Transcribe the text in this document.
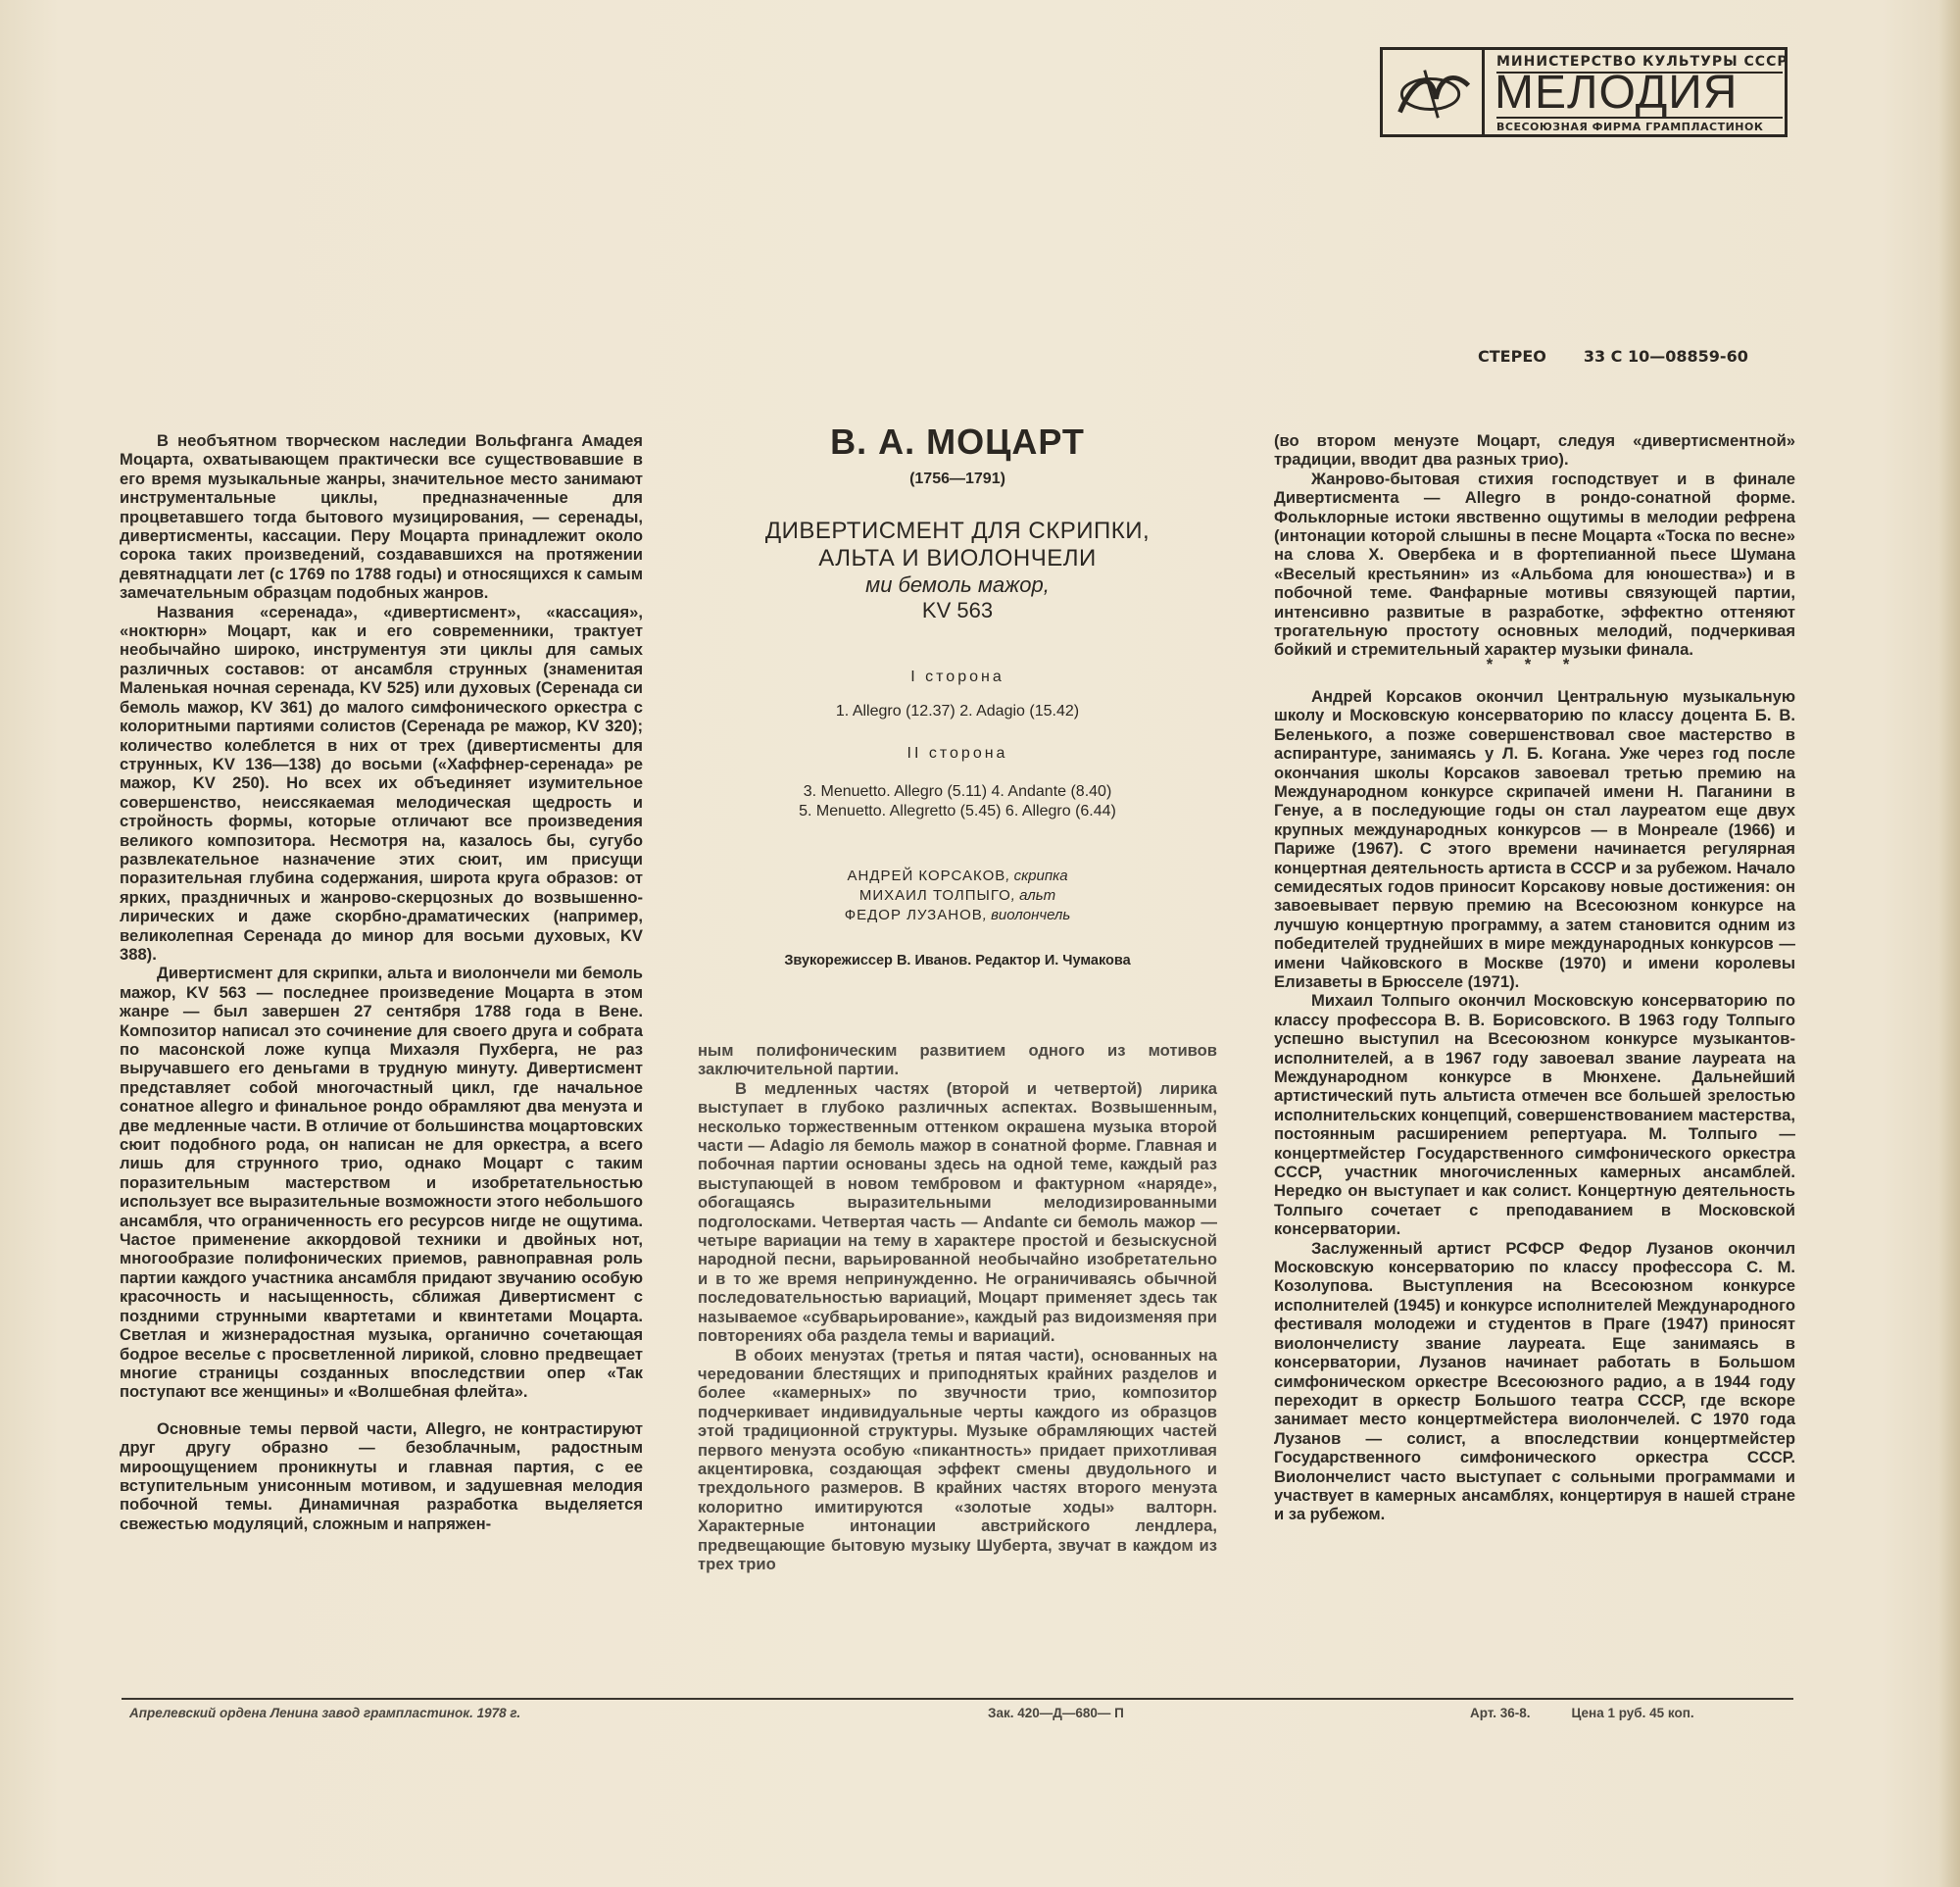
МИНИСТЕРСТВО КУЛЬТУРЫ СССР
МЕЛОДИЯ
ВСЕСОЮЗНАЯ ФИРМА ГРАМПЛАСТИНОК
СТЕРЕО 33 С 10—08859-60

В необъятном творческом наследии Вольфганга Амадея Моцарта, охватывающем практически все существовавшие в его время музыкальные жанры, значительное место занимают инструментальные циклы, предназначенные для процветавшего тогда бытового музицирования, — серенады, дивертисменты, кассации. Перу Моцарта принадлежит около сорока таких произведений, создававшихся на протяжении девятнадцати лет (с 1769 по 1788 годы) и относящихся к самым замечательным образцам подобных жанров.

Названия «серенада», «дивертисмент», «кассация», «ноктюрн» Моцарт, как и его современники, трактует необычайно широко, инструментуя эти циклы для самых различных составов: от ансамбля струнных (знаменитая Маленькая ночная серенада, KV 525) или духовых (Серенада си бемоль мажор, KV 361) до малого симфонического оркестра с колоритными партиями солистов (Серенада ре мажор, KV 320); количество колеблется в них от трех (дивертисменты для струнных, KV 136—138) до восьми («Хаффнер-серенада» ре мажор, KV 250). Но всех их объединяет изумительное совершенство, неиссякаемая мелодическая щедрость и стройность формы, которые отличают все произведения великого композитора. Несмотря на, казалось бы, сугубо развлекательное назначение этих сюит, им присущи поразительная глубина содержания, широта круга образов: от ярких, праздничных и жанрово-скерцозных до возвышенно-лирических и даже скорбно-драматических (например, великолепная Серенада до минор для восьми духовых, KV 388).

Дивертисмент для скрипки, альта и виолончели ми бемоль мажор, KV 563 — последнее произведение Моцарта в этом жанре — был завершен 27 сентября 1788 года в Вене. Композитор написал это сочинение для своего друга и собрата по масонской ложе купца Михаэля Пухберга, не раз выручавшего его деньгами в трудную минуту. Дивертисмент представляет собой многочастный цикл, где начальное сонатное allegro и финальное рондо обрамляют два менуэта и две медленные части. В отличие от большинства моцартовских сюит подобного рода, он написан не для оркестра, а всего лишь для струнного трио, однако Моцарт с таким поразительным мастерством и изобретательностью использует все выразительные возможности этого небольшого ансамбля, что ограниченность его ресурсов нигде не ощутима. Частое применение аккордовой техники и двойных нот, многообразие полифонических приемов, равноправная роль партии каждого участника ансамбля придают звучанию особую красочность и насыщенность, сближая Дивертисмент с поздними струнными квартетами и квинтетами Моцарта. Светлая и жизнерадостная музыка, органично сочетающая бодрое веселье с просветленной лирикой, словно предвещает многие страницы созданных впоследствии опер «Так поступают все женщины» и «Волшебная флейта».

Основные темы первой части, Allegro, не контрастируют друг другу образно — безоблачным, радостным мироощущением проникнуты и главная партия, с ее вступительным унисонным мотивом, и задушевная мелодия побочной темы. Динамичная разработка выделяется свежестью модуляций, сложным и напряжен-

В. А. МОЦАРТ

(1756—1791)

ДИВЕРТИСМЕНТ ДЛЯ СКРИПКИ,

АЛЬТА И ВИОЛОНЧЕЛИ

ми бемоль мажор,

KV 563

I сторона

1. Allegro (12.37) 2. Adagio (15.42)

II сторона

3. Menuetto. Allegro (5.11) 4. Andante (8.40)

5. Menuetto. Allegretto (5.45) 6. Allegro (6.44)

АНДРЕЙ КОРСАКОВ, скрипка
МИХАИЛ ТОЛПЫГО, альт
ФЕДОР ЛУЗАНОВ, виолончель
Звукорежиссер В. Иванов. Редактор И. Чумакова

ным полифоническим развитием одного из мотивов заключительной партии.

В медленных частях (второй и четвертой) лирика выступает в глубоко различных аспектах. Возвышенным, несколько торжественным оттенком окрашена музыка второй части — Adagio ля бемоль мажор в сонатной форме. Главная и побочная партии основаны здесь на одной теме, каждый раз выступающей в новом тембровом и фактурном «наряде», обогащаясь выразительными мелодизированными подголосками. Четвертая часть — Andante си бемоль мажор — четыре вариации на тему в характере простой и безыскусной народной песни, варьированной необычайно изобретательно и в то же время непринужденно. Не ограничиваясь обычной последовательностью вариаций, Моцарт применяет здесь так называемое «субварьирование», каждый раз видоизменяя при повторениях оба раздела темы и вариаций.

В обоих менуэтах (третья и пятая части), основанных на чередовании блестящих и приподнятых крайних разделов и более «камерных» по звучности трио, композитор подчеркивает индивидуальные черты каждого из образцов этой традиционной структуры. Музыке обрамляющих частей первого менуэта особую «пикантность» придает прихотливая акцентировка, создающая эффект смены двудольного и трехдольного размеров. В крайних частях второго менуэта колоритно имитируются «золотые ходы» валторн. Характерные интонации австрийского лендлера, предвещающие бытовую музыку Шуберта, звучат в каждом из трех трио

(во втором менуэте Моцарт, следуя «дивертисментной» традиции, вводит два разных трио).

Жанрово-бытовая стихия господствует и в финале Дивертисмента — Allegro в рондо-сонатной форме. Фольклорные истоки явственно ощутимы в мелодии рефрена (интонации которой слышны в песне Моцарта «Тоска по весне» на слова Х. Овербека и в фортепианной пьесе Шумана «Веселый крестьянин» из «Альбома для юношества») и в побочной теме. Фанфарные мотивы связующей партии, интенсивно развитые в разработке, эффектно оттеняют трогательную простоту основных мелодий, подчеркивая бойкий и стремительный характер музыки финала.

* * *

Андрей Корсаков окончил Центральную музыкальную школу и Московскую консерваторию по классу доцента Б. В. Беленького, а позже совершенствовал свое мастерство в аспирантуре, занимаясь у Л. Б. Когана. Уже через год после окончания школы Корсаков завоевал третью премию на Международном конкурсе скрипачей имени Н. Паганини в Генуе, а в последующие годы он стал лауреатом еще двух крупных международных конкурсов — в Монреале (1966) и Париже (1967). С этого времени начинается регулярная концертная деятельность артиста в СССР и за рубежом. Начало семидесятых годов приносит Корсакову новые достижения: он завоевывает первую премию на Всесоюзном конкурсе на лучшую концертную программу, а затем становится одним из победителей труднейших в мире международных конкурсов — имени Чайковского в Москве (1970) и имени королевы Елизаветы в Брюсселе (1971).

Михаил Толпыго окончил Московскую консерваторию по классу профессора В. В. Борисовского. В 1963 году Толпыго успешно выступил на Всесоюзном конкурсе музыкантов-исполнителей, а в 1967 году завоевал звание лауреата на Международном конкурсе в Мюнхене. Дальнейший артистический путь альтиста отмечен все большей зрелостью исполнительских концепций, совершенствованием мастерства, постоянным расширением репертуара. М. Толпыго — концертмейстер Государственного симфонического оркестра СССР, участник многочисленных камерных ансамблей. Нередко он выступает и как солист. Концертную деятельность Толпыго сочетает с преподаванием в Московской консерватории.

Заслуженный артист РСФСР Федор Лузанов окончил Московскую консерваторию по классу профессора С. М. Козолупова. Выступления на Всесоюзном конкурсе исполнителей (1945) и конкурсе исполнителей Международного фестиваля молодежи и студентов в Праге (1947) приносят виолончелисту звание лауреата. Еще занимаясь в консерватории, Лузанов начинает работать в Большом симфоническом оркестре Всесоюзного радио, а в 1944 году переходит в оркестр Большого театра СССР, где вскоре занимает место концертмейстера виолончелей. С 1970 года Лузанов — солист, а впоследствии концертмейстер Государственного симфонического оркестра СССР. Виолончелист часто выступает с сольными программами и участвует в камерных ансамблях, концертируя в нашей стране и за рубежом.

Апрелевский ордена Ленина завод грампластинок. 1978 г.	Зак. 420—Д—680— П	Арт. 36-8.	Цена 1 руб. 45 коп.
